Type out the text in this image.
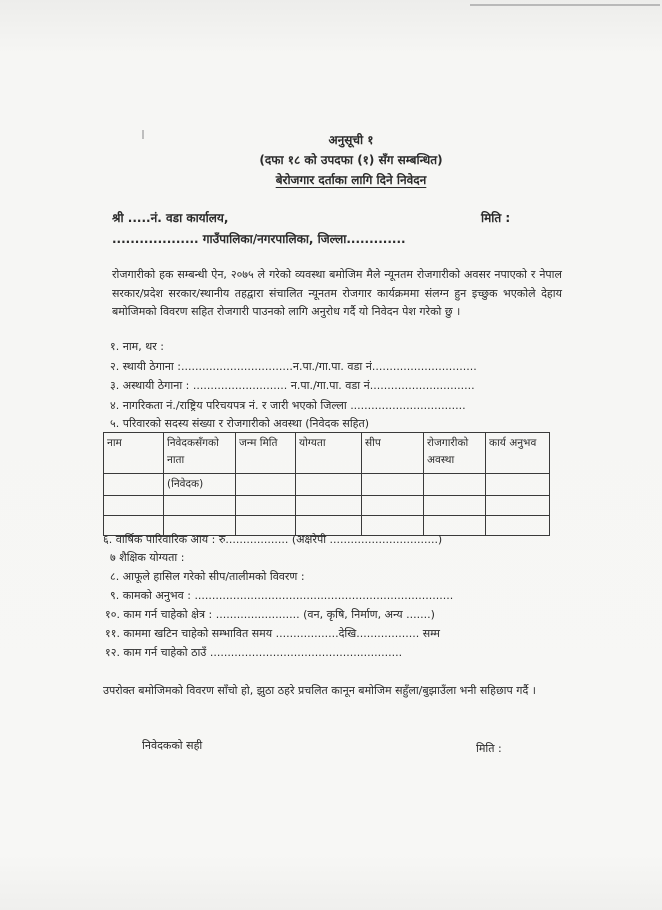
अनुसूची १
(दफा १८ को उपदफा (१) सँग सम्बन्धित)
बेरोजगार दर्ताका लागि दिने निवेदन
श्री .....नं. वडा कार्यालय,
................... गाउँपालिका/नगरपालिका, जिल्ला.............
मिति :
रोजगारीको हक सम्बन्धी ऐन, २०७५ ले गरेको व्यवस्था बमोजिम मैले न्यूनतम रोजगारीको अवसर नपाएको र नेपाल सरकार/प्रदेश सरकार/स्थानीय तहद्वारा संचालित न्यूनतम रोजगार कार्यक्रममा संलग्न हुन इच्छुक भएकोले देहाय बमोजिमको विवरण सहित रोजगारी पाउनको लागि अनुरोध गर्दै यो निवेदन पेश गरेको छु ।
१. नाम, थर :
२. स्थायी ठेगाना :................................न.पा./गा.पा. वडा नं..............................
३. अस्थायी ठेगाना : ........................... न.पा./गा.पा. वडा नं..............................
४. नागरिकता नं./राष्ट्रिय परिचयपत्र नं. र जारी भएको जिल्ला .................................
५. परिवारको सदस्य संख्या र रोजगारीको अवस्था (निवेदक सहित)
नाम	निवेदकसँगको नाता	जन्म मिति	योग्यता	सीप	रोजगारीको अवस्था	कार्य अनुभव
	(निवेदक)					

६. वार्षिक पारिवारिक आय : रु.................. (अक्षरेपी ...............................)
७ शैक्षिक योग्यता :
८. आफूले हासिल गरेको सीप/तालीमको विवरण :
९. कामको अनुभव : ..........................................................................
१०. काम गर्न चाहेको क्षेत्र : ........................ (वन, कृषि, निर्माण, अन्य .......)
११. काममा खटिन चाहेको सम्भावित समय ..................देखि.................. सम्म
१२. काम गर्न चाहेको ठाउँ .......................................................
उपरोक्त बमोजिमको विवरण साँचो हो, झुठा ठहरे प्रचलित कानून बमोजिम सहुँला/बुझाउँला भनी सहिछाप गर्दै ।
निवेदकको सही	मिति :
